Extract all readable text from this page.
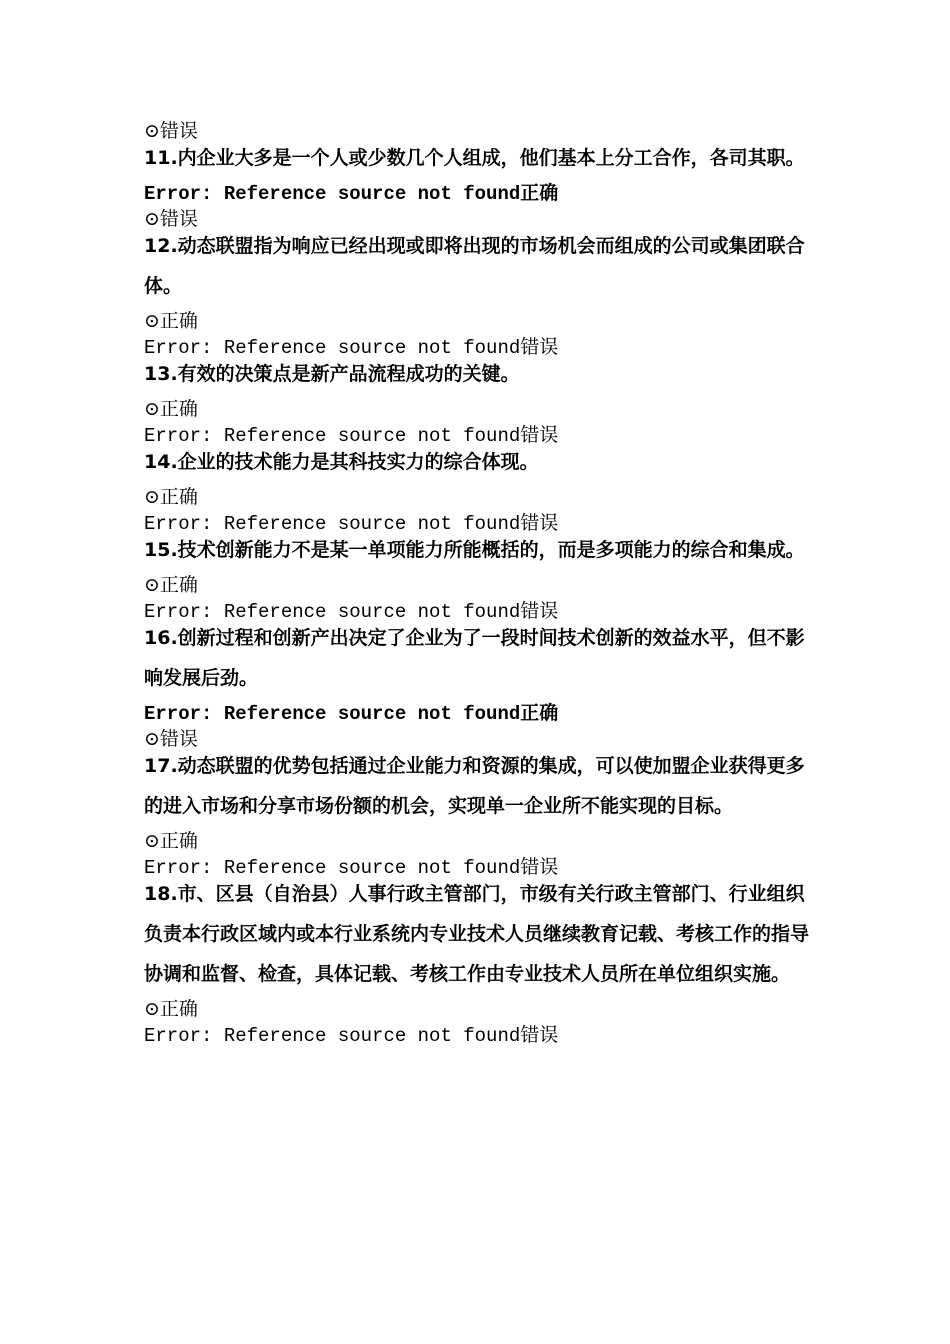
⊙错误
11.内企业大多是一个人或少数几个人组成，他们基本上分工合作，各司其职。
Error: Reference source not found正确
⊙错误
12.动态联盟指为响应已经出现或即将出现的市场机会而组成的公司或集团联合体。
⊙正确
Error: Reference source not found错误
13.有效的决策点是新产品流程成功的关键。
⊙正确
Error: Reference source not found错误
14.企业的技术能力是其科技实力的综合体现。
⊙正确
Error: Reference source not found错误
15.技术创新能力不是某一单项能力所能概括的，而是多项能力的综合和集成。
⊙正确
Error: Reference source not found错误
16.创新过程和创新产出决定了企业为了一段时间技术创新的效益水平，但不影响发展后劲。
Error: Reference source not found正确
⊙错误
17.动态联盟的优势包括通过企业能力和资源的集成，可以使加盟企业获得更多的进入市场和分享市场份额的机会，实现单一企业所不能实现的目标。
⊙正确
Error: Reference source not found错误
18.市、区县（自治县）人事行政主管部门，市级有关行政主管部门、行业组织负责本行政区域内或本行业系统内专业技术人员继续教育记载、考核工作的指导协调和监督、检查，具体记载、考核工作由专业技术人员所在单位组织实施。
⊙正确
Error: Reference source not found错误
